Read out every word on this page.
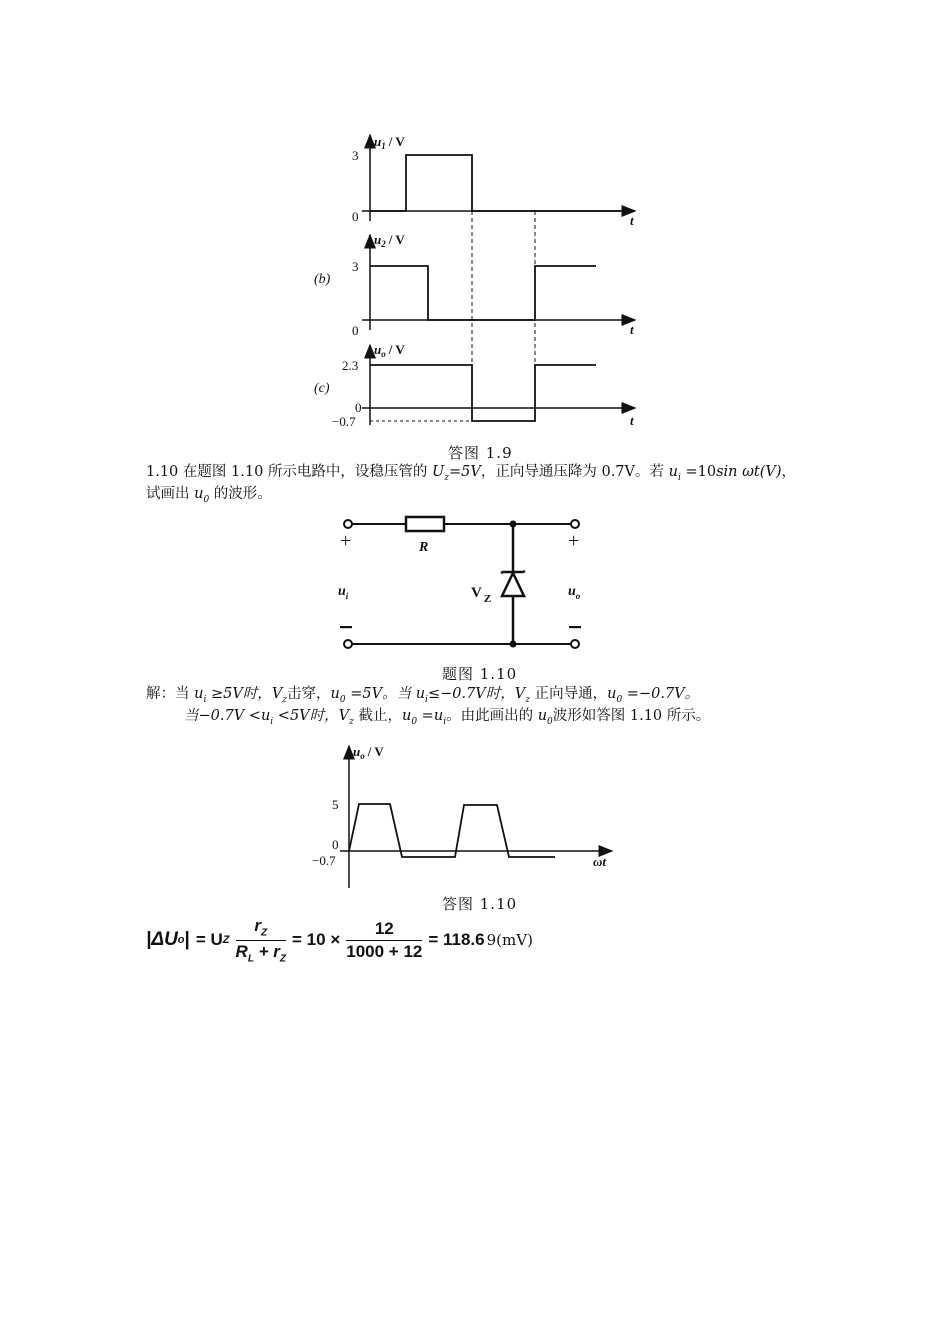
$u_1$ / V
3
0	t
$u_2$ / V
3
0
(b)
t
$u_o$ / V
2.3
0
−0.7
(c)
t
答图 1.9
1.10 在题图 1.10 所示电路中，设稳压管的 $U_z=5V$，正向导通压降为 0.7V。若 $u_i =10\sin$ ωt(V)，
试画出 $u_0$ 的波形。
+	+
R
V $_Z$
$u_i$	$u_o$
题图 1.10
解：当 $u_i \ge 5V$时，$V_z$击穿，$u_0 =5V$。当 $u_i\le-0.7V$时，$V_z$ 正向导通，$u_0 =-0.7V$。
当$-0.7V <u_i <5V$时，$V_z$ 截止，$u_0 =u_i$。由此画出的 $u_0$波形如答图 1.10 所示。
$u_o$ / V
5
0
−0.7	ωt
答图 1.10
|ΔU o | = U Z $\frac{r_Z}{R_L + r_Z} = 10 \times \frac{12}{1000 + 12} = 118.6$ 9(mV)
